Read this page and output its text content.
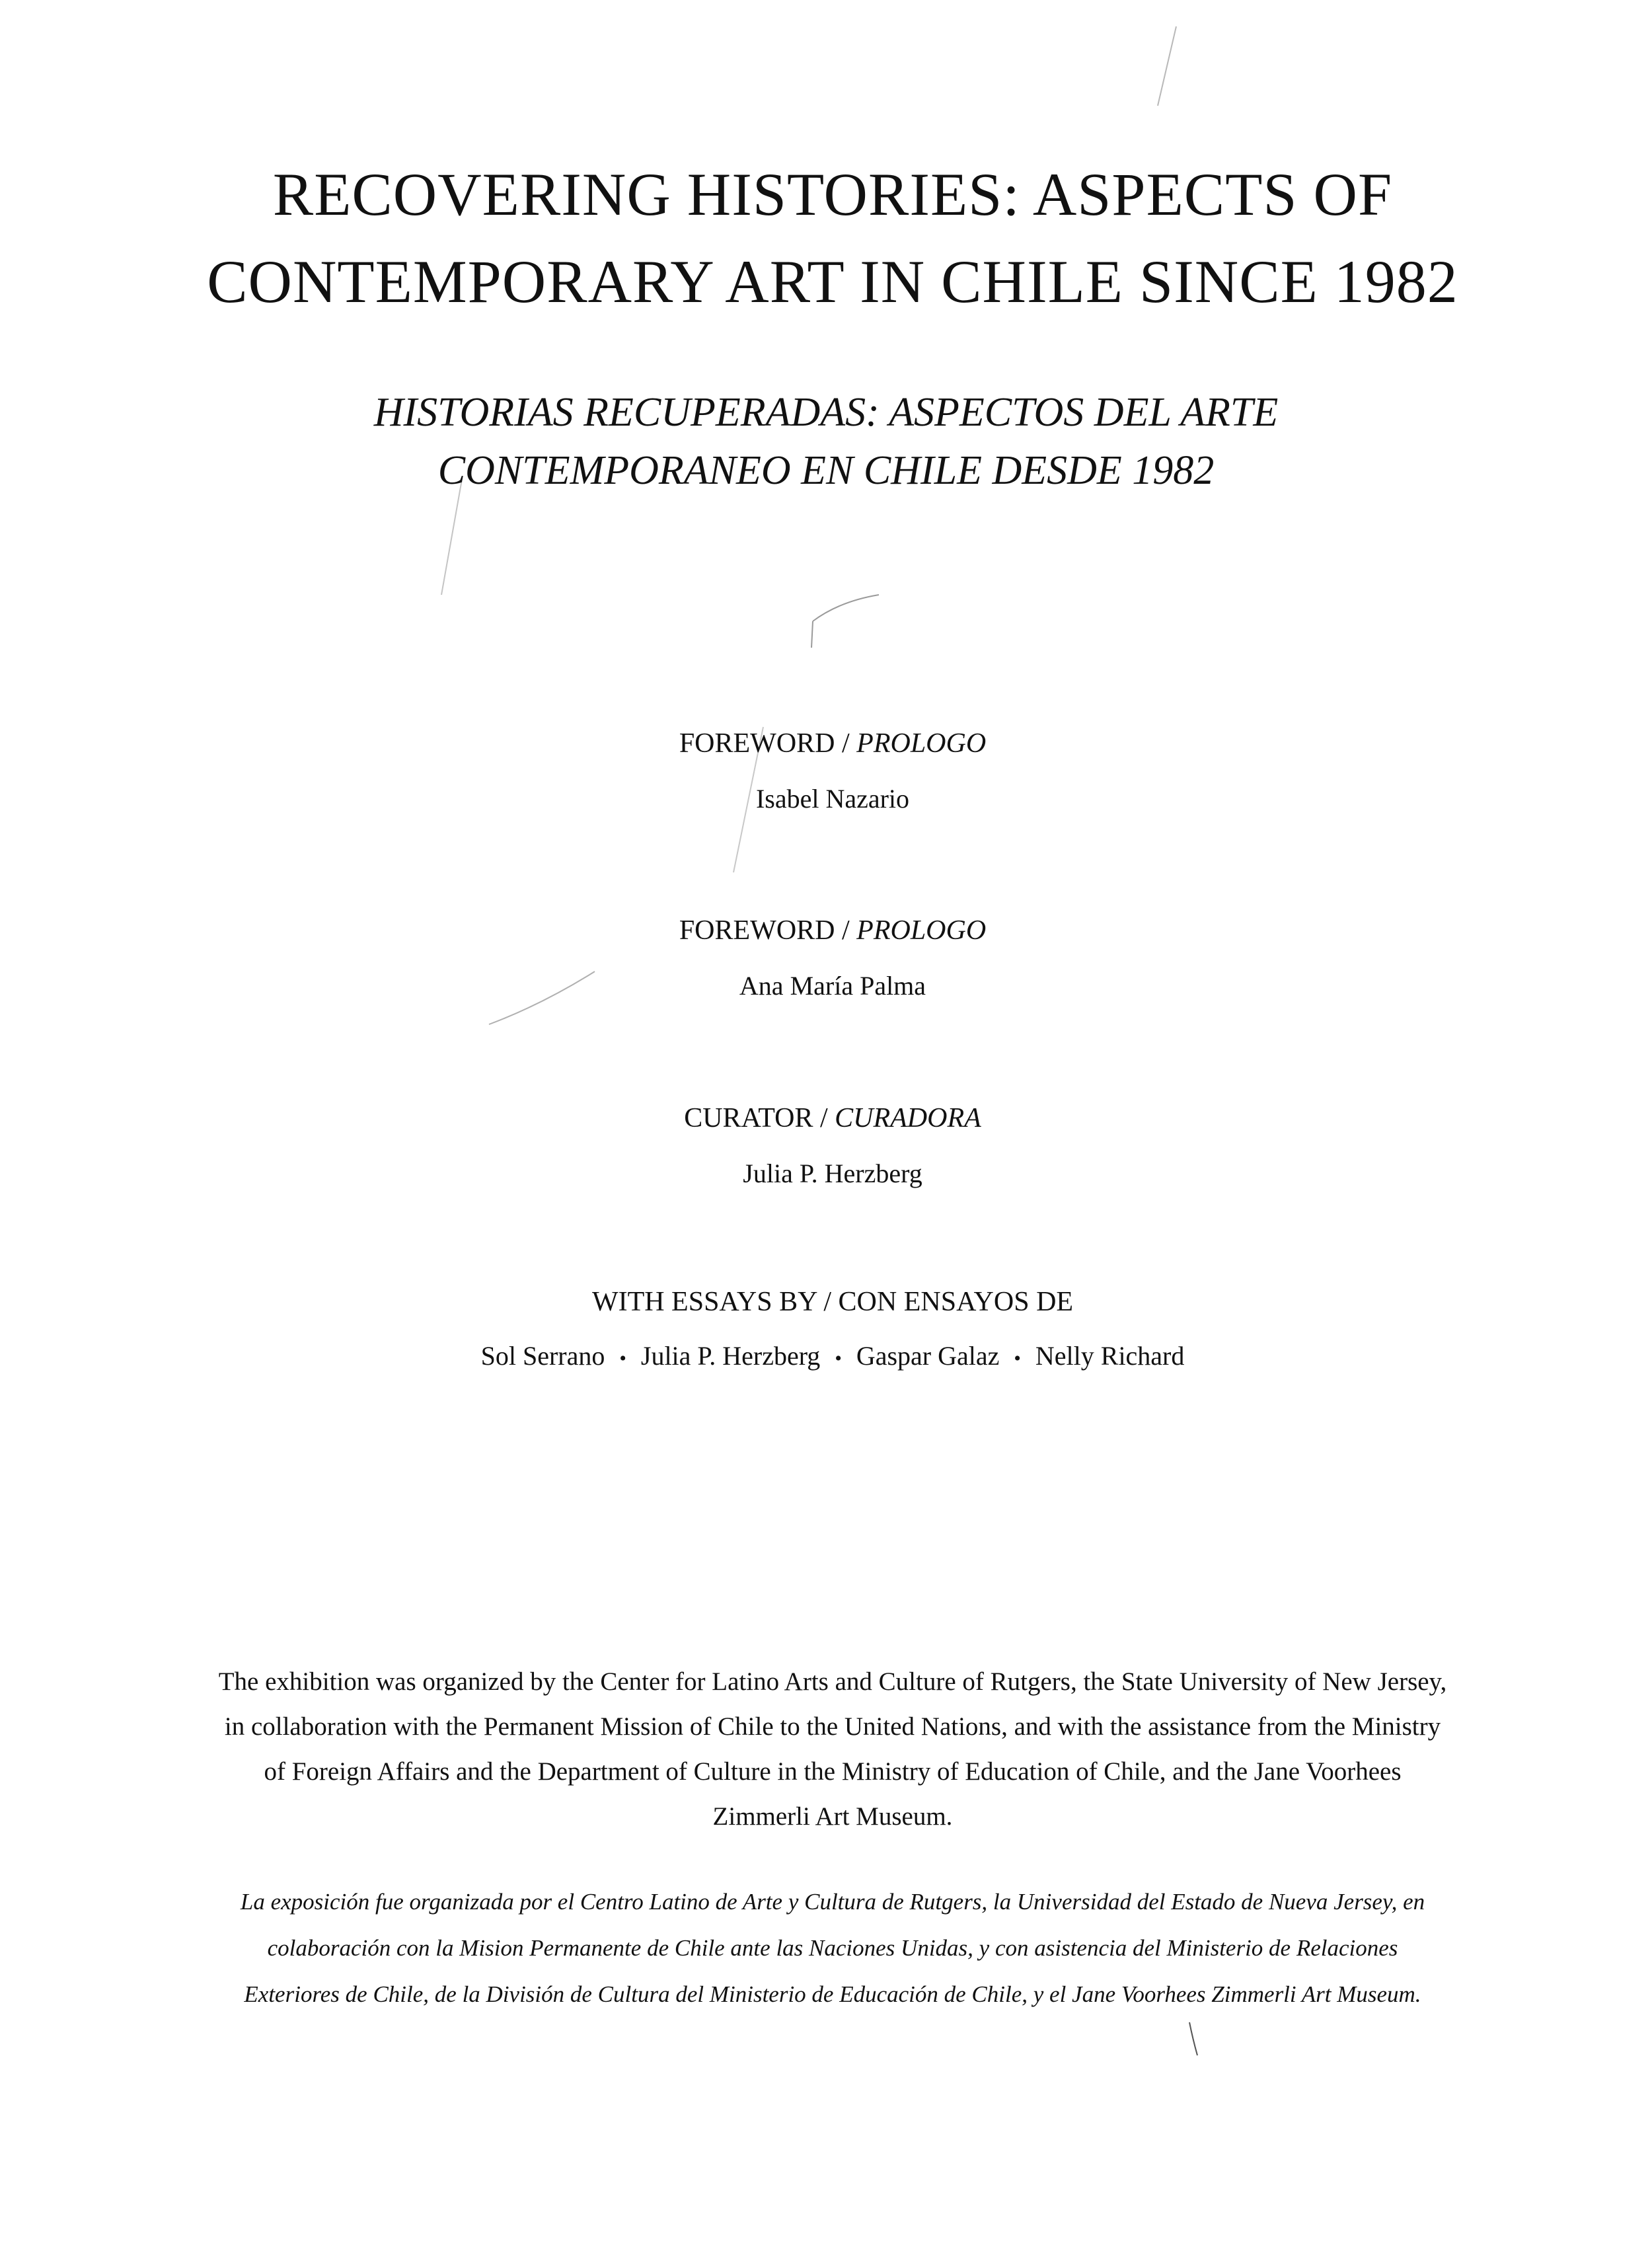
RECOVERING HISTORIES: ASPECTS OF
CONTEMPORARY ART IN CHILE SINCE 1982
HISTORIAS RECUPERADAS: ASPECTOS DEL ARTE
CONTEMPORANEO EN CHILE DESDE 1982
FOREWORD / PROLOGO
Isabel Nazario
FOREWORD / PROLOGO
Ana María Palma
CURATOR / CURADORA
Julia P. Herzberg
WITH ESSAYS BY / CON ENSAYOS DE
Sol Serrano • Julia P. Herzberg • Gaspar Galaz • Nelly Richard

The exhibition was organized by the Center for Latino Arts and Culture of Rutgers, the State University of New Jersey, in collaboration with the Permanent Mission of Chile to the United Nations, and with the assistance from the Ministry of Foreign Affairs and the Department of Culture in the Ministry of Education of Chile, and the Jane Voorhees Zimmerli Art Museum.

La exposición fue organizada por el Centro Latino de Arte y Cultura de Rutgers, la Universidad del Estado de Nueva Jersey, en colaboración con la Mision Permanente de Chile ante las Naciones Unidas, y con asistencia del Ministerio de Relaciones Exteriores de Chile, de la División de Cultura del Ministerio de Educación de Chile, y el Jane Voorhees Zimmerli Art Museum.
